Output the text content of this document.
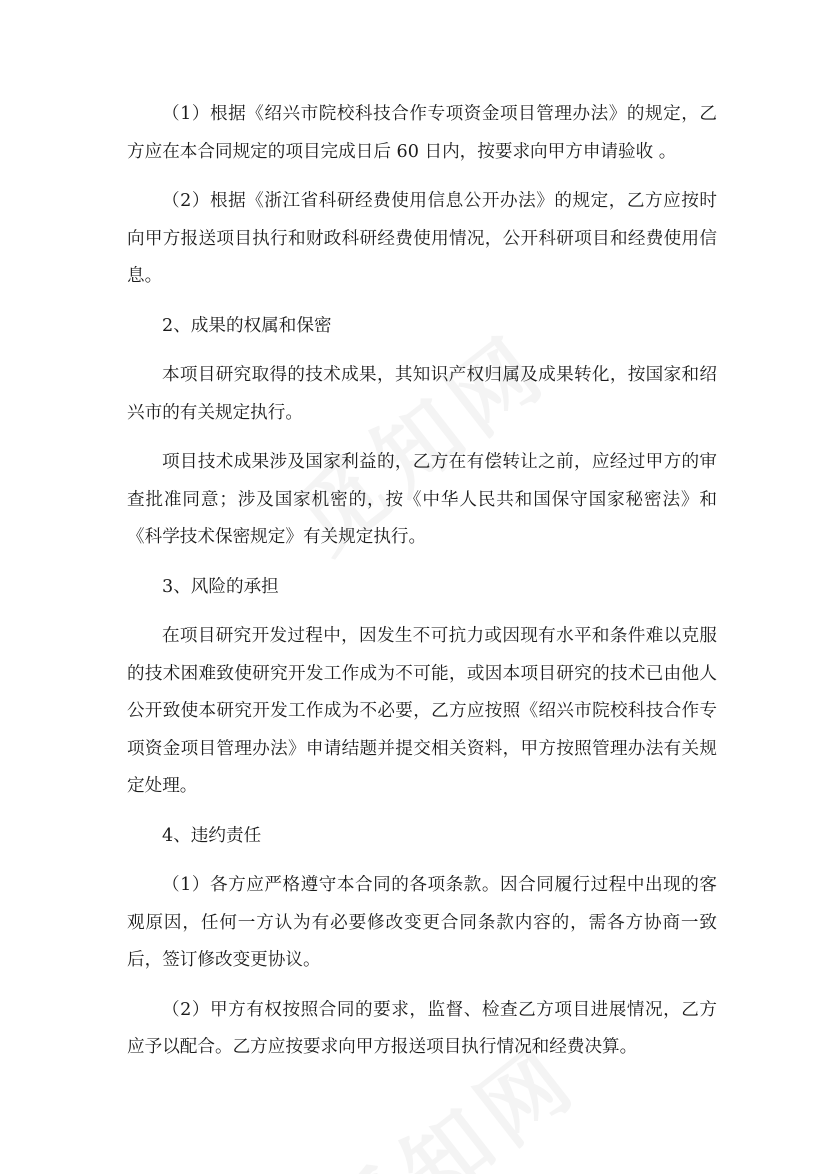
（1）根据《绍兴市院校科技合作专项资金项目管理办法》的规定，乙方应在本合同规定的项目完成日后 60 日内，按要求向甲方申请验收 。

（2）根据《浙江省科研经费使用信息公开办法》的规定，乙方应按时向甲方报送项目执行和财政科研经费使用情况，公开科研项目和经费使用信息。

2、成果的权属和保密

本项目研究取得的技术成果，其知识产权归属及成果转化，按国家和绍兴市的有关规定执行。

项目技术成果涉及国家利益的，乙方在有偿转让之前，应经过甲方的审查批准同意；涉及国家机密的，按《中华人民共和国保守国家秘密法》和《科学技术保密规定》有关规定执行。

3、风险的承担

在项目研究开发过程中，因发生不可抗力或因现有水平和条件难以克服的技术困难致使研究开发工作成为不可能，或因本项目研究的技术已由他人公开致使本研究开发工作成为不必要，乙方应按照《绍兴市院校科技合作专项资金项目管理办法》申请结题并提交相关资料，甲方按照管理办法有关规定处理。

4、违约责任

（1）各方应严格遵守本合同的各项条款。因合同履行过程中出现的客观原因，任何一方认为有必要修改变更合同条款内容的，需各方协商一致后，签订修改变更协议。

（2）甲方有权按照合同的要求，监督、检查乙方项目进展情况，乙方应予以配合。乙方应按要求向甲方报送项目执行情况和经费决算。
